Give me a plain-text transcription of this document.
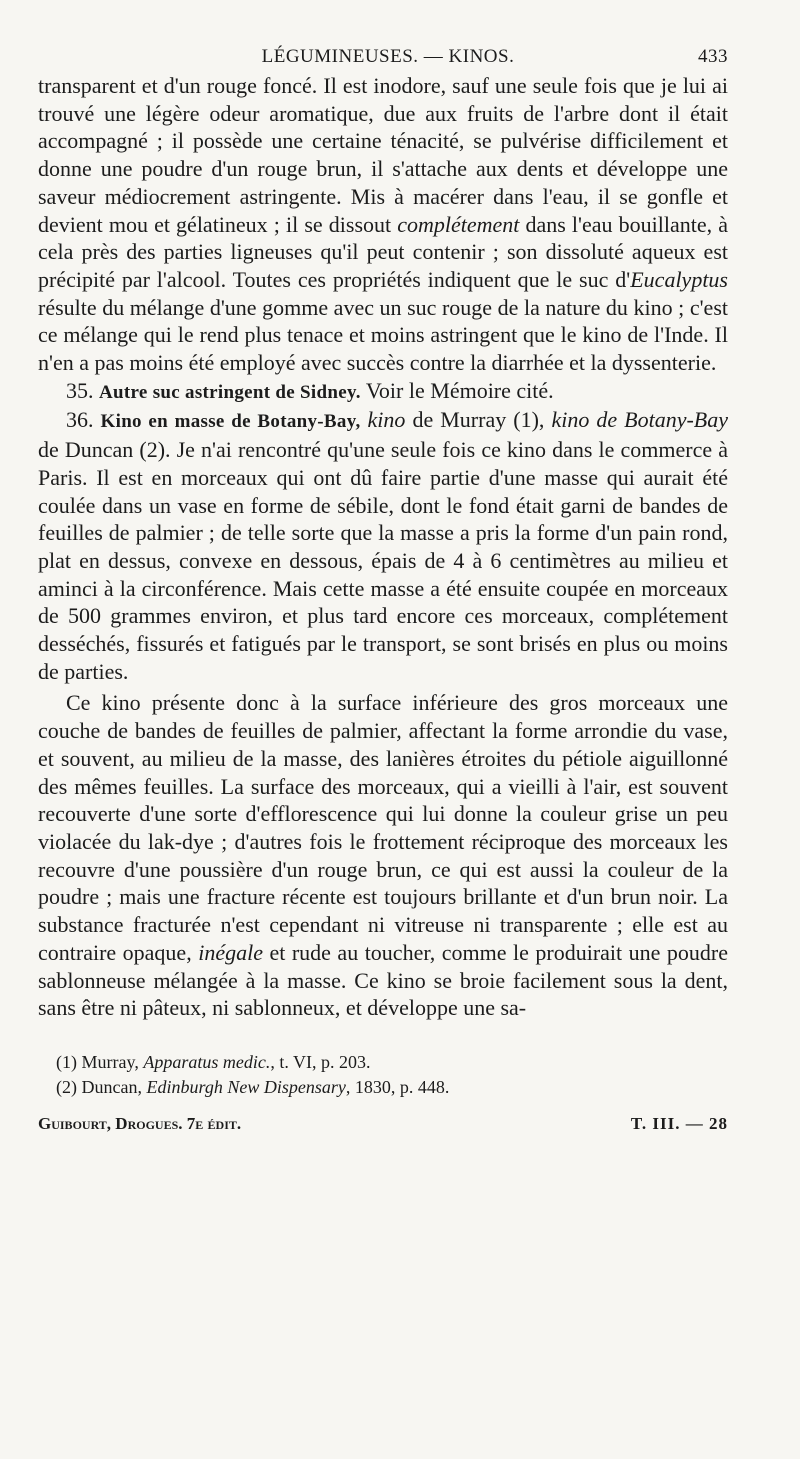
LÉGUMINEUSES. — KINOS.	433

transparent et d'un rouge foncé. Il est inodore, sauf une seule fois que je lui ai trouvé une légère odeur aromatique, due aux fruits de l'arbre dont il était accompagné ; il possède une certaine ténacité, se pulvérise difficilement et donne une poudre d'un rouge brun, il s'attache aux dents et développe une saveur médiocrement astringente. Mis à macérer dans l'eau, il se gonfle et devient mou et gélatineux ; il se dissout complétement dans l'eau bouillante, à cela près des parties ligneuses qu'il peut contenir ; son dissoluté aqueux est précipité par l'alcool. Toutes ces propriétés indiquent que le suc d'Eucalyptus résulte du mélange d'une gomme avec un suc rouge de la nature du kino ; c'est ce mélange qui le rend plus tenace et moins astringent que le kino de l'Inde. Il n'en a pas moins été employé avec succès contre la diarrhée et la dyssenterie.

35. Autre suc astringent de Sidney. Voir le Mémoire cité.

36. Kino en masse de Botany-Bay, kino de Murray (1), kino de Botany-Bay de Duncan (2). Je n'ai rencontré qu'une seule fois ce kino dans le commerce à Paris. Il est en morceaux qui ont dû faire partie d'une masse qui aurait été coulée dans un vase en forme de sébile, dont le fond était garni de bandes de feuilles de palmier ; de telle sorte que la masse a pris la forme d'un pain rond, plat en dessus, convexe en dessous, épais de 4 à 6 centimètres au milieu et aminci à la circonférence. Mais cette masse a été ensuite coupée en morceaux de 500 grammes environ, et plus tard encore ces morceaux, complétement desséchés, fissurés et fatigués par le transport, se sont brisés en plus ou moins de parties.

Ce kino présente donc à la surface inférieure des gros morceaux une couche de bandes de feuilles de palmier, affectant la forme arrondie du vase, et souvent, au milieu de la masse, des lanières étroites du pétiole aiguillonné des mêmes feuilles. La surface des morceaux, qui a vieilli à l'air, est souvent recouverte d'une sorte d'efflorescence qui lui donne la couleur grise un peu violacée du lak-dye ; d'autres fois le frottement réciproque des morceaux les recouvre d'une poussière d'un rouge brun, ce qui est aussi la couleur de la poudre ; mais une fracture récente est toujours brillante et d'un brun noir. La substance fracturée n'est cependant ni vitreuse ni transparente ; elle est au contraire opaque, inégale et rude au toucher, comme le produirait une poudre sablonneuse mélangée à la masse. Ce kino se broie facilement sous la dent, sans être ni pâteux, ni sablonneux, et développe une sa-

(1) Murray, Apparatus medic., t. VI, p. 203.
(2) Duncan, Edinburgh New Dispensary, 1830, p. 448.
Guibourt, Drogues. 7e édit.	T. III. — 28
